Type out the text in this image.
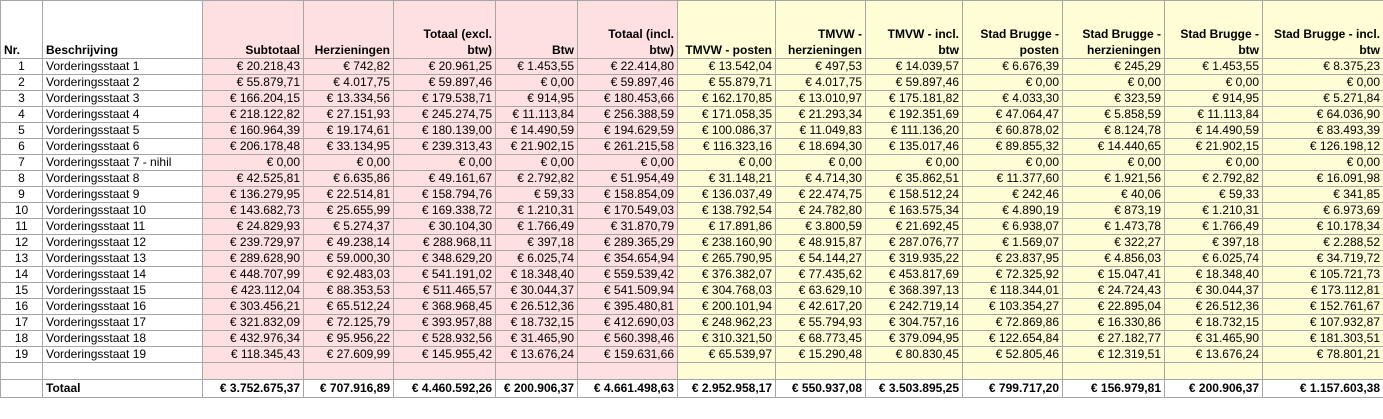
Nr.	Beschrijving	Subtotaal	Herzieningen	Totaal (excl. btw)	Btw	Totaal (incl. btw)	TMVW - posten	TMVW - herzieningen	TMVW - incl. btw	Stad Brugge - posten	Stad Brugge - herzieningen	Stad Brugge - btw	Stad Brugge - incl. btw
1	Vorderingsstaat 1	€ 20.218,43	€ 742,82	€ 20.961,25	€ 1.453,55	€ 22.414,80	€ 13.542,04	€ 497,53	€ 14.039,57	€ 6.676,39	€ 245,29	€ 1.453,55	€ 8.375,23
2	Vorderingsstaat 2	€ 55.879,71	€ 4.017,75	€ 59.897,46	€ 0,00	€ 59.897,46	€ 55.879,71	€ 4.017,75	€ 59.897,46	€ 0,00	€ 0,00	€ 0,00	€ 0,00
3	Vorderingsstaat 3	€ 166.204,15	€ 13.334,56	€ 179.538,71	€ 914,95	€ 180.453,66	€ 162.170,85	€ 13.010,97	€ 175.181,82	€ 4.033,30	€ 323,59	€ 914,95	€ 5.271,84
4	Vorderingsstaat 4	€ 218.122,82	€ 27.151,93	€ 245.274,75	€ 11.113,84	€ 256.388,59	€ 171.058,35	€ 21.293,34	€ 192.351,69	€ 47.064,47	€ 5.858,59	€ 11.113,84	€ 64.036,90
5	Vorderingsstaat 5	€ 160.964,39	€ 19.174,61	€ 180.139,00	€ 14.490,59	€ 194.629,59	€ 100.086,37	€ 11.049,83	€ 111.136,20	€ 60.878,02	€ 8.124,78	€ 14.490,59	€ 83.493,39
6	Vorderingsstaat 6	€ 206.178,48	€ 33.134,95	€ 239.313,43	€ 21.902,15	€ 261.215,58	€ 116.323,16	€ 18.694,30	€ 135.017,46	€ 89.855,32	€ 14.440,65	€ 21.902,15	€ 126.198,12
7	Vorderingsstaat 7 - nihil	€ 0,00	€ 0,00	€ 0,00	€ 0,00	€ 0,00	€ 0,00	€ 0,00	€ 0,00	€ 0,00	€ 0,00	€ 0,00	€ 0,00
8	Vorderingsstaat 8	€ 42.525,81	€ 6.635,86	€ 49.161,67	€ 2.792,82	€ 51.954,49	€ 31.148,21	€ 4.714,30	€ 35.862,51	€ 11.377,60	€ 1.921,56	€ 2.792,82	€ 16.091,98
9	Vorderingsstaat 9	€ 136.279,95	€ 22.514,81	€ 158.794,76	€ 59,33	€ 158.854,09	€ 136.037,49	€ 22.474,75	€ 158.512,24	€ 242,46	€ 40,06	€ 59,33	€ 341,85
10	Vorderingsstaat 10	€ 143.682,73	€ 25.655,99	€ 169.338,72	€ 1.210,31	€ 170.549,03	€ 138.792,54	€ 24.782,80	€ 163.575,34	€ 4.890,19	€ 873,19	€ 1.210,31	€ 6.973,69
11	Vorderingsstaat 11	€ 24.829,93	€ 5.274,37	€ 30.104,30	€ 1.766,49	€ 31.870,79	€ 17.891,86	€ 3.800,59	€ 21.692,45	€ 6.938,07	€ 1.473,78	€ 1.766,49	€ 10.178,34
12	Vorderingsstaat 12	€ 239.729,97	€ 49.238,14	€ 288.968,11	€ 397,18	€ 289.365,29	€ 238.160,90	€ 48.915,87	€ 287.076,77	€ 1.569,07	€ 322,27	€ 397,18	€ 2.288,52
13	Vorderingsstaat 13	€ 289.628,90	€ 59.000,30	€ 348.629,20	€ 6.025,74	€ 354.654,94	€ 265.790,95	€ 54.144,27	€ 319.935,22	€ 23.837,95	€ 4.856,03	€ 6.025,74	€ 34.719,72
14	Vorderingsstaat 14	€ 448.707,99	€ 92.483,03	€ 541.191,02	€ 18.348,40	€ 559.539,42	€ 376.382,07	€ 77.435,62	€ 453.817,69	€ 72.325,92	€ 15.047,41	€ 18.348,40	€ 105.721,73
15	Vorderingsstaat 15	€ 423.112,04	€ 88.353,53	€ 511.465,57	€ 30.044,37	€ 541.509,94	€ 304.768,03	€ 63.629,10	€ 368.397,13	€ 118.344,01	€ 24.724,43	€ 30.044,37	€ 173.112,81
16	Vorderingsstaat 16	€ 303.456,21	€ 65.512,24	€ 368.968,45	€ 26.512,36	€ 395.480,81	€ 200.101,94	€ 42.617,20	€ 242.719,14	€ 103.354,27	€ 22.895,04	€ 26.512,36	€ 152.761,67
17	Vorderingsstaat 17	€ 321.832,09	€ 72.125,79	€ 393.957,88	€ 18.732,15	€ 412.690,03	€ 248.962,23	€ 55.794,93	€ 304.757,16	€ 72.869,86	€ 16.330,86	€ 18.732,15	€ 107.932,87
18	Vorderingsstaat 18	€ 432.976,34	€ 95.956,22	€ 528.932,56	€ 31.465,90	€ 560.398,46	€ 310.321,50	€ 68.773,45	€ 379.094,95	€ 122.654,84	€ 27.182,77	€ 31.465,90	€ 181.303,51
19	Vorderingsstaat 19	€ 118.345,43	€ 27.609,99	€ 145.955,42	€ 13.676,24	€ 159.631,66	€ 65.539,97	€ 15.290,48	€ 80.830,45	€ 52.805,46	€ 12.319,51	€ 13.676,24	€ 78.801,21

	Totaal	€ 3.752.675,37	€ 707.916,89	€ 4.460.592,26	€ 200.906,37	€ 4.661.498,63	€ 2.952.958,17	€ 550.937,08	€ 3.503.895,25	€ 799.717,20	€ 156.979,81	€ 200.906,37	€ 1.157.603,38
